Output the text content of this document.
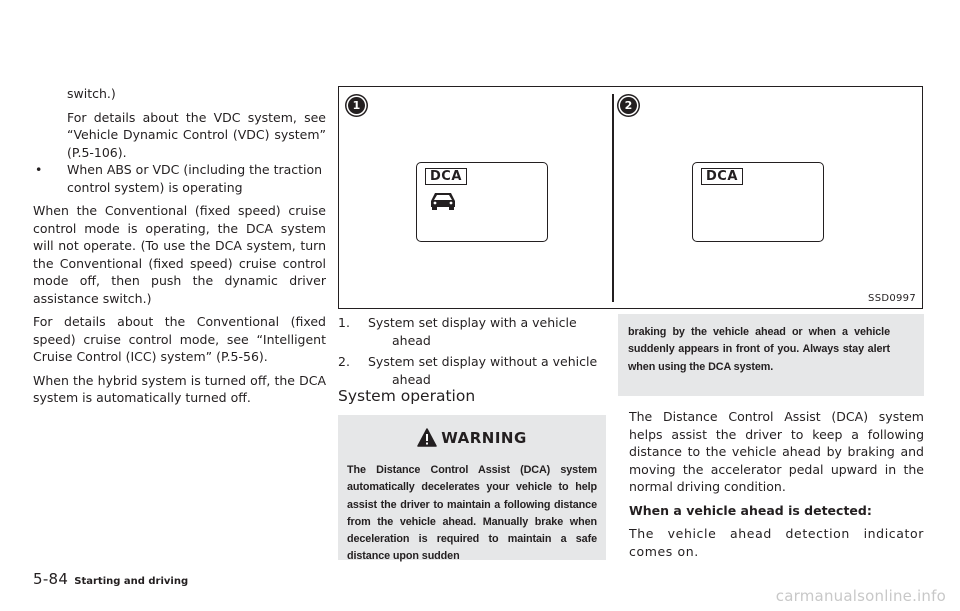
switch.)

For details about the VDC system, see “Vehicle Dynamic Control (VDC) system” (P.5-106).

• When ABS or VDC (including the traction control system) is operating

When the Conventional (fixed speed) cruise control mode is operating, the DCA system will not operate. (To use the DCA system, turn the Conventional (fixed speed) cruise control mode off, then push the dynamic driver assistance switch.)

For details about the Conventional (fixed speed) cruise control mode, see “Intelligent Cruise Control (ICC) system” (P.5-56).

When the hybrid system is turned off, the DCA system is automatically turned off.

1
DCA
2
DCA
SSD0997
1. System set display with a vehicle ahead
2. System set display without a vehicle ahead
System operation
WARNING

The Distance Control Assist (DCA) system automatically decelerates your vehicle to help assist the driver to maintain a following distance from the vehicle ahead. Manually brake when deceleration is required to maintain a safe distance upon sudden

braking by the vehicle ahead or when a vehicle suddenly appears in front of you. Always stay alert when using the DCA system.

The Distance Control Assist (DCA) system helps assist the driver to keep a following distance to the vehicle ahead by braking and moving the accelerator pedal upward in the normal driving condition.

When a vehicle ahead is detected:

The vehicle ahead detection indicator comes on.

5-84 Starting and driving
carmanualsonline.info
